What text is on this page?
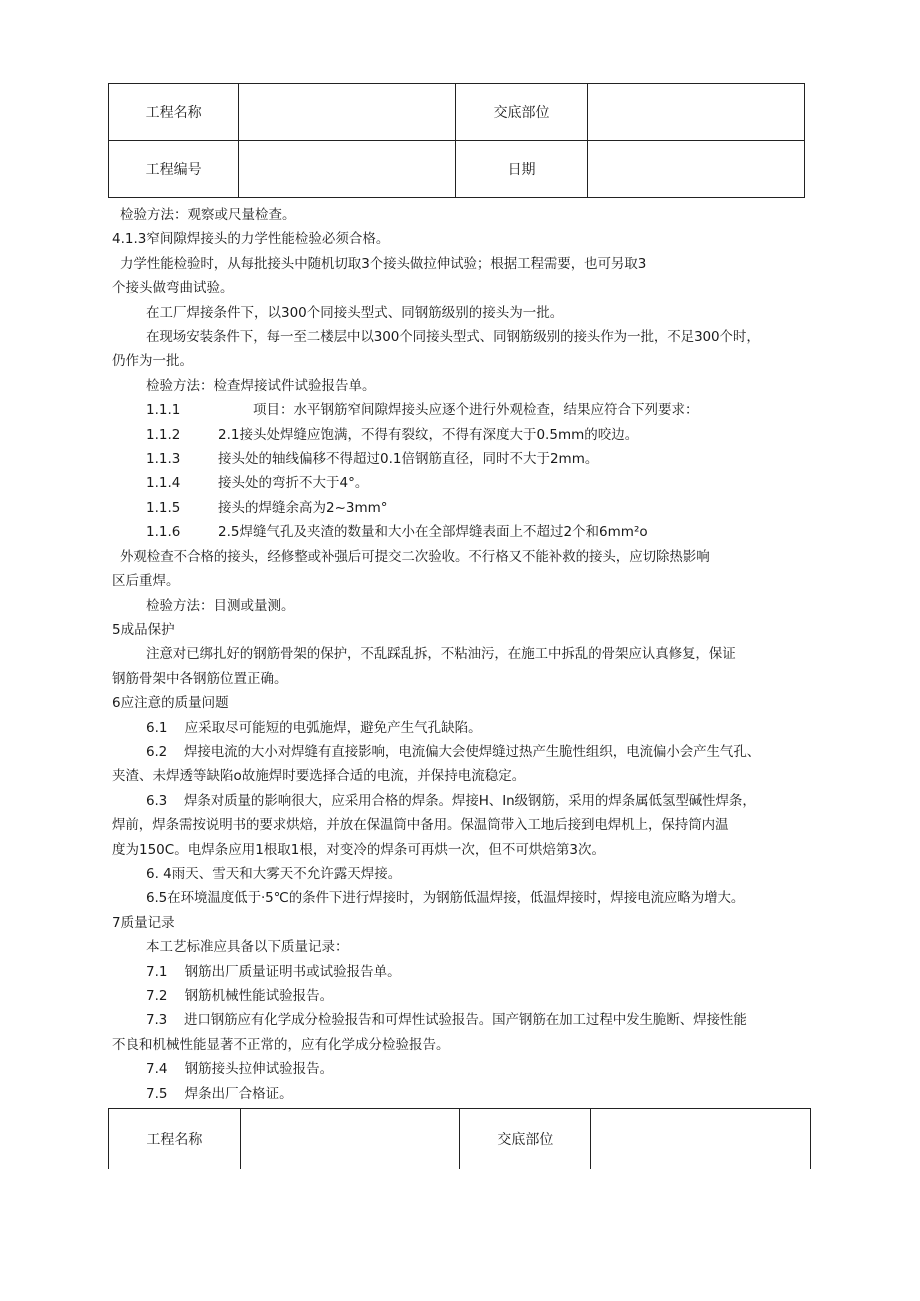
工程名称		交底部位	
工程编号		日期	

检验方法：观察或尺量检查。

4.1.3窄间隙焊接头的力学性能检验必须合格。

力学性能检验时，从每批接头中随机切取3个接头做拉伸试验；根据工程需要，也可另取3

个接头做弯曲试验。

在工厂焊接条件下，以300个同接头型式、同钢筋级别的接头为一批。

在现场安装条件下，每一至二楼层中以300个同接头型式、同钢筋级别的接头作为一批，不足300个时，

仍作为一批。

检验方法：检查焊接试件试验报告单。

1.1.1	项目：水平钢筋窄间隙焊接头应逐个进行外观检查，结果应符合下列要求：
1.1.2	2.1接头处焊缝应饱满，不得有裂纹，不得有深度大于0.5mm的咬边。
1.1.3	接头处的轴线偏移不得超过0.1倍钢筋直径，同时不大于2mm。
1.1.4	接头处的弯折不大于4°。
1.1.5	接头的焊缝余高为2~3mm°
1.1.6	2.5焊缝气孔及夹渣的数量和大小在全部焊缝表面上不超过2个和6mm²o

外观检查不合格的接头，经修整或补强后可提交二次验收。不行格又不能补救的接头，应切除热影响

区后重焊。

检验方法：目测或量测。

5成品保护

注意对已绑扎好的钢筋骨架的保护，不乱踩乱拆，不粘油污，在施工中拆乱的骨架应认真修复，保证

钢筋骨架中各钢筋位置正确。

6应注意的质量问题

6.1 应采取尽可能短的电弧施焊，避免产生气孔缺陷。
6.2 焊接电流的大小对焊缝有直接影响，电流偏大会使焊缝过热产生脆性组织，电流偏小会产生气孔、

夹渣、未焊透等缺陷o故施焊时要选择合适的电流，并保持电流稳定。

6.3 焊条对质量的影响很大，应采用合格的焊条。焊接H、In级钢筋，采用的焊条属低氢型碱性焊条，

焊前，焊条需按说明书的要求烘焙，并放在保温筒中备用。保温筒带入工地后接到电焊机上，保持筒内温

度为150C。电焊条应用1根取1根，对变冷的焊条可再烘一次，但不可烘焙第3次。

6. 4雨天、雪天和大雾天不允许露天焊接。

6.5在环境温度低于·5℃的条件下进行焊接时，为钢筋低温焊接，低温焊接时，焊接电流应略为增大。

7质量记录

本工艺标准应具备以下质量记录：

7.1 钢筋出厂质量证明书或试验报告单。
7.2 钢筋机械性能试验报告。
7.3 进口钢筋应有化学成分检验报告和可焊性试验报告。国产钢筋在加工过程中发生脆断、焊接性能

不良和机械性能显著不正常的，应有化学成分检验报告。

7.4 钢筋接头拉伸试验报告。
7.5 焊条出厂合格证。
工程名称		交底部位	
